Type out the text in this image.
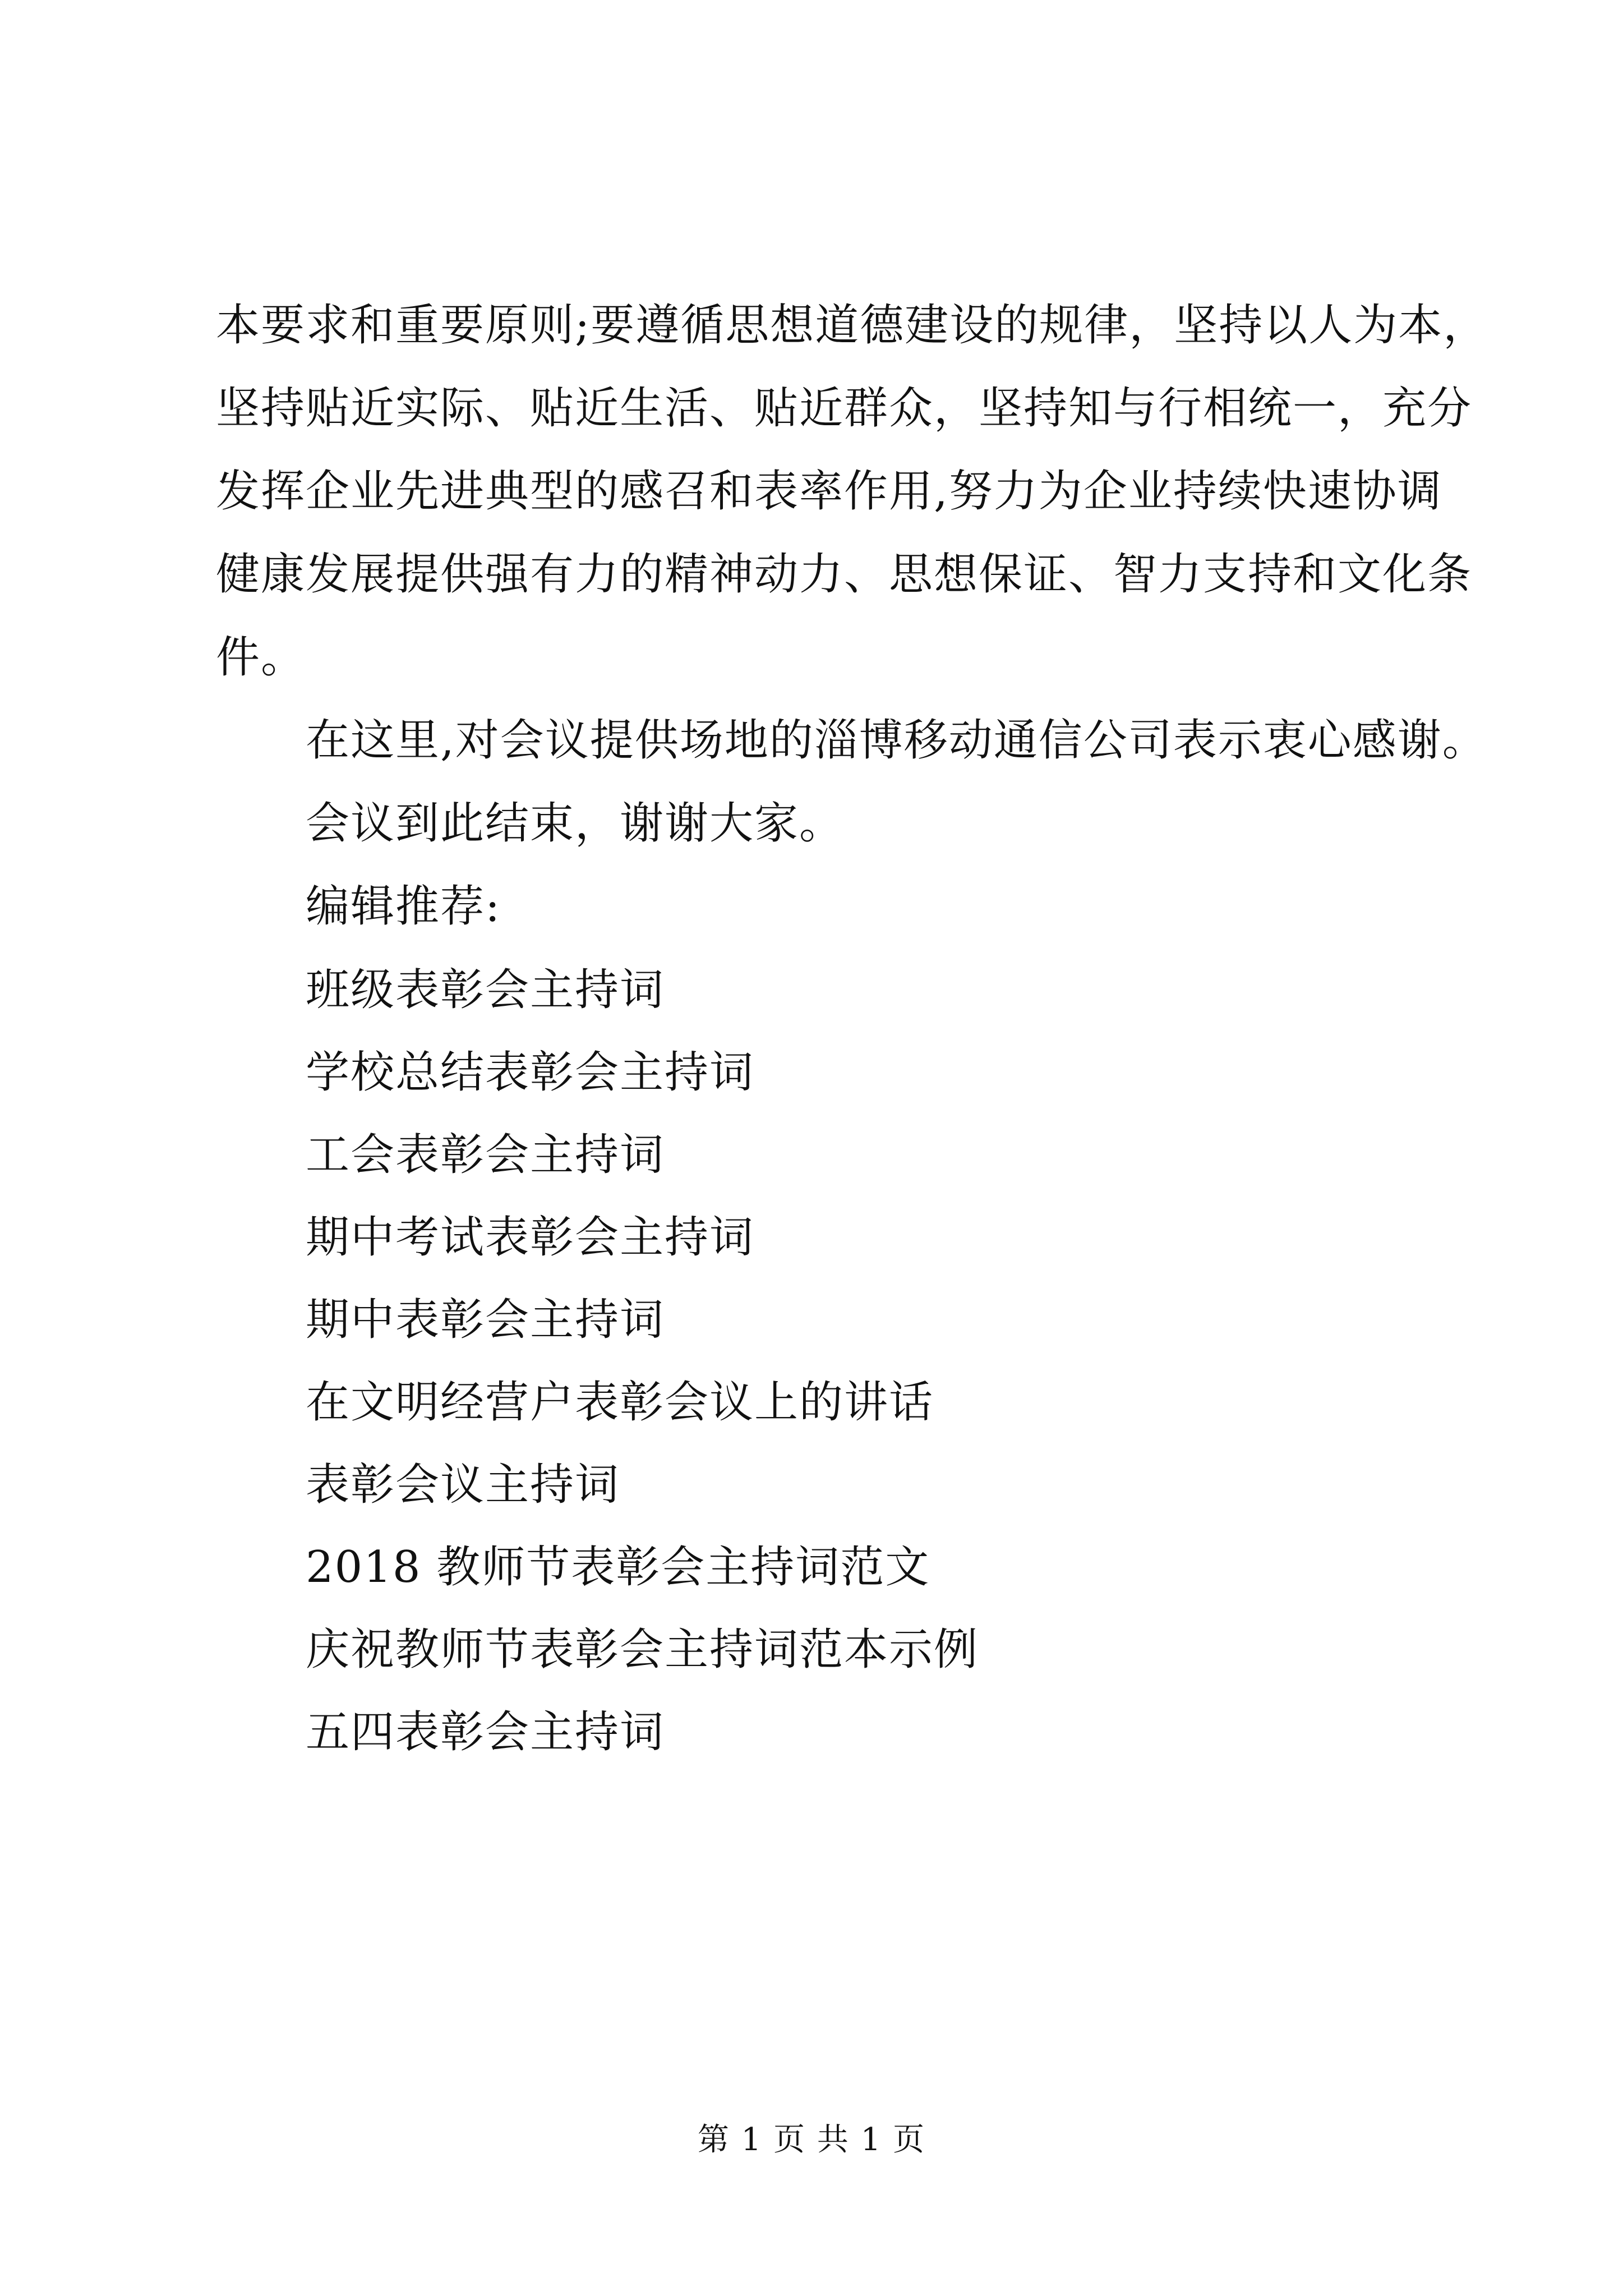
本要求和重要原则;要遵循思想道德建设的规律，坚持以人为本，
坚持贴近实际、贴近生活、贴近群众，坚持知与行相统一，充分
发挥企业先进典型的感召和表率作用,努力为企业持续快速协调
健康发展提供强有力的精神动力、思想保证、智力支持和文化条
件。
在这里,对会议提供场地的淄博移动通信公司表示衷心感谢。
会议到此结束，谢谢大家。
编辑推荐:
班级表彰会主持词
学校总结表彰会主持词
工会表彰会主持词
期中考试表彰会主持词
期中表彰会主持词
在文明经营户表彰会议上的讲话
表彰会议主持词
2018 教师节表彰会主持词范文
庆祝教师节表彰会主持词范本示例
五四表彰会主持词
第 1 页 共 1 页
